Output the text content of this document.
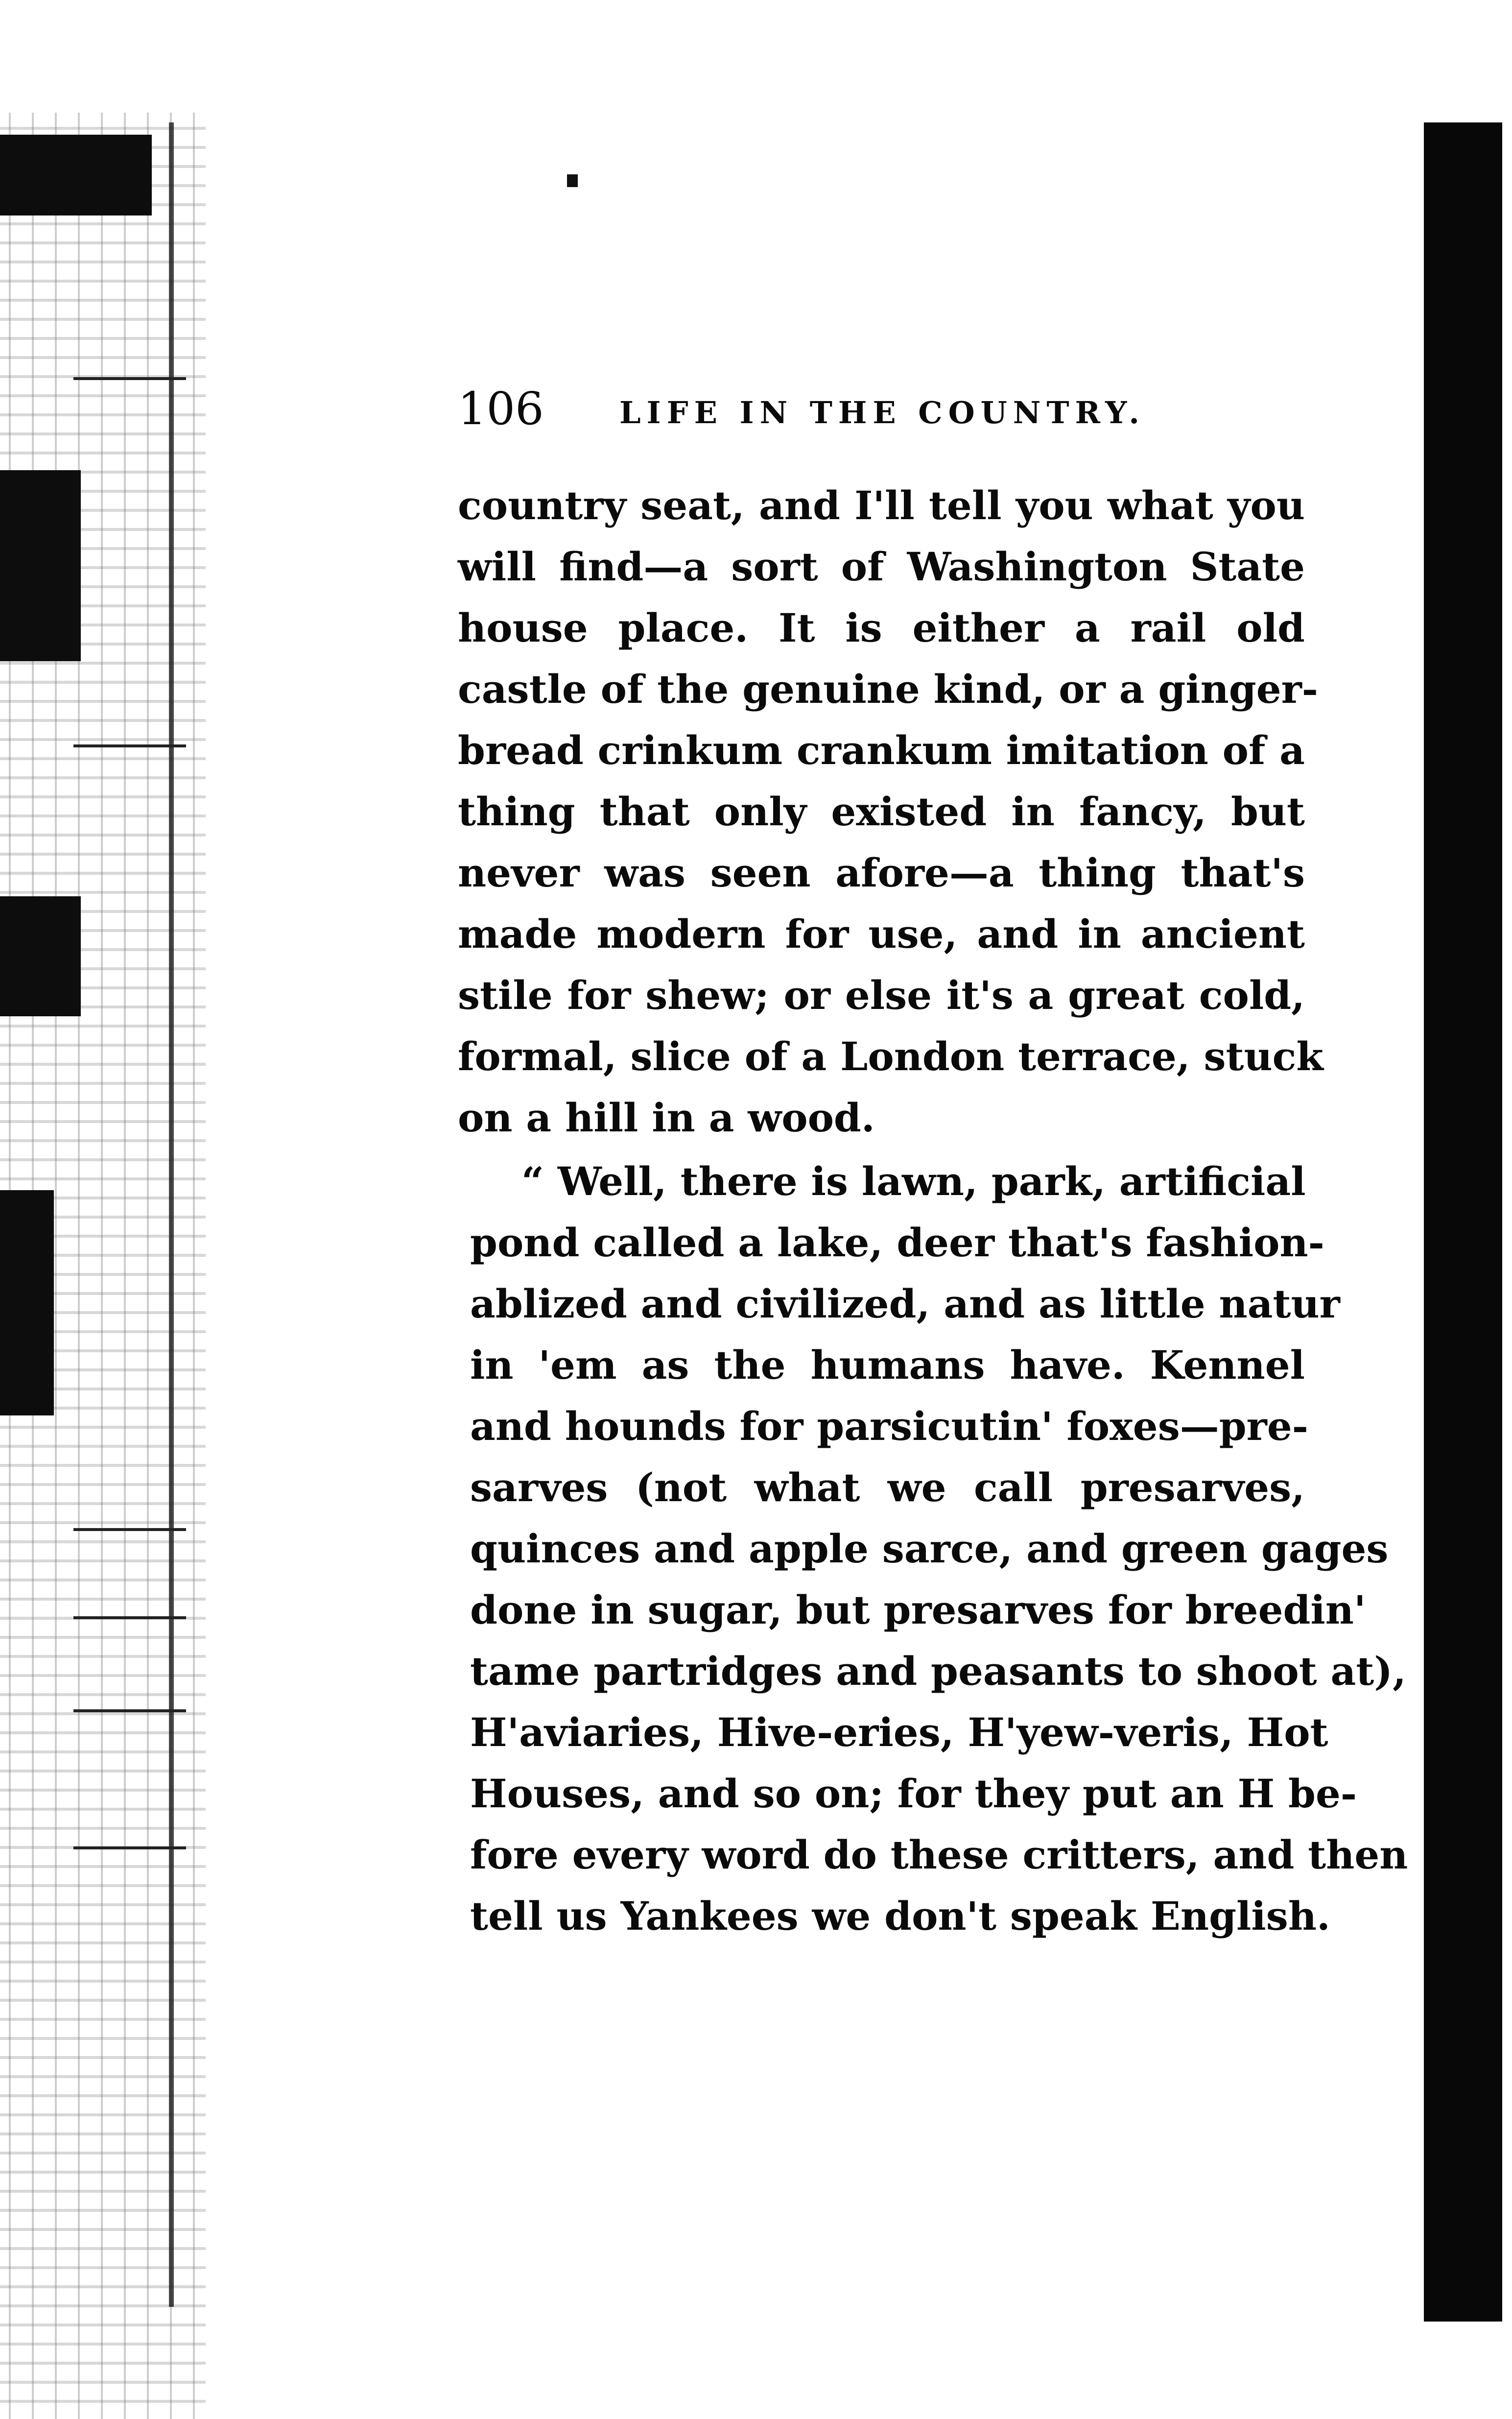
106 LIFE IN THE COUNTRY.
country seat, and I'll tell you what you
will find—a sort of Washington State
house place. It is either a rail old
castle of the genuine kind, or a ginger-
bread crinkum crankum imitation of a
thing that only existed in fancy, but
never was seen afore—a thing that's
made modern for use, and in ancient
stile for shew; or else it's a great cold,
formal, slice of a London terrace, stuck
on a hill in a wood.
“ Well, there is lawn, park, artificial
pond called a lake, deer that's fashion-
ablized and civilized, and as little natur
in 'em as the humans have. Kennel
and hounds for parsicutin' foxes—pre-
sarves (not what we call presarves,
quinces and apple sarce, and green gages
done in sugar, but presarves for breedin'
tame partridges and peasants to shoot at),
H'aviaries, Hive-eries, H'yew-veris, Hot
Houses, and so on; for they put an H be-
fore every word do these critters, and then
tell us Yankees we don't speak English.
